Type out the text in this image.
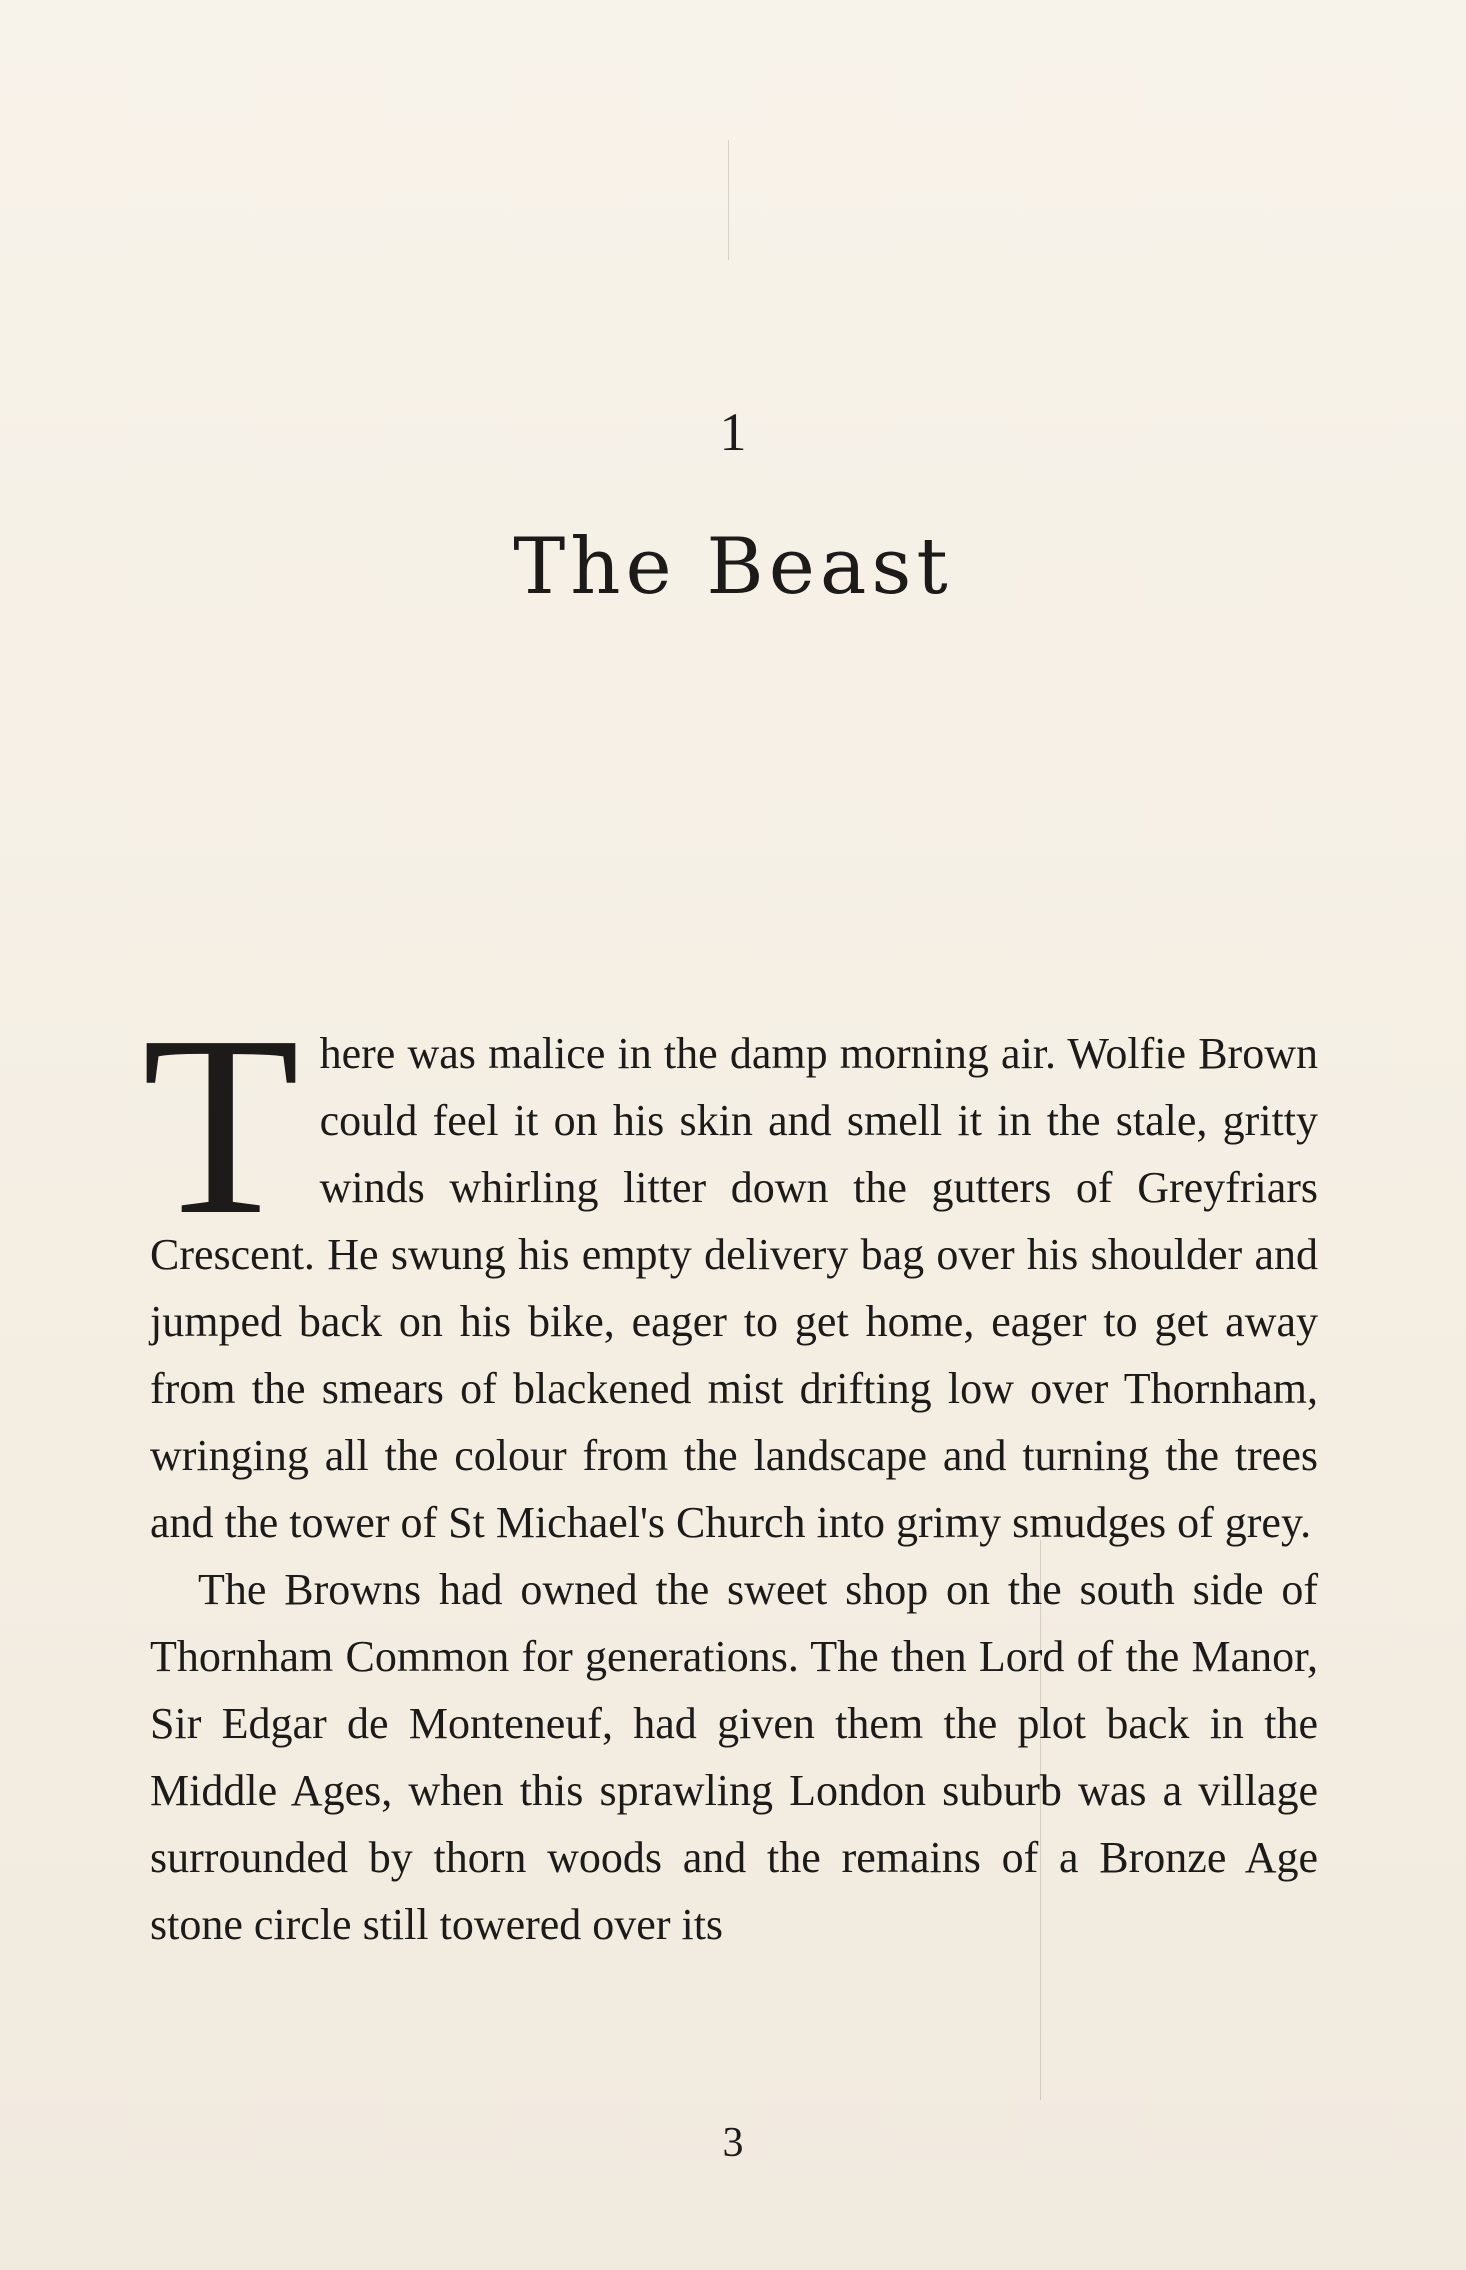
1
The Beast

There was malice in the damp morning air. Wolfie Brown could feel it on his skin and smell it in the stale, gritty winds whirling litter down the gutters of Greyfriars Crescent. He swung his empty delivery bag over his shoulder and jumped back on his bike, eager to get home, eager to get away from the smears of blackened mist drifting low over Thornham, wringing all the colour from the landscape and turning the trees and the tower of St Michael's Church into grimy smudges of grey.

The Browns had owned the sweet shop on the south side of Thornham Common for generations. The then Lord of the Manor, Sir Edgar de Monteneuf, had given them the plot back in the Middle Ages, when this sprawling London suburb was a village surrounded by thorn woods and the remains of a Bronze Age stone circle still towered over its

3
